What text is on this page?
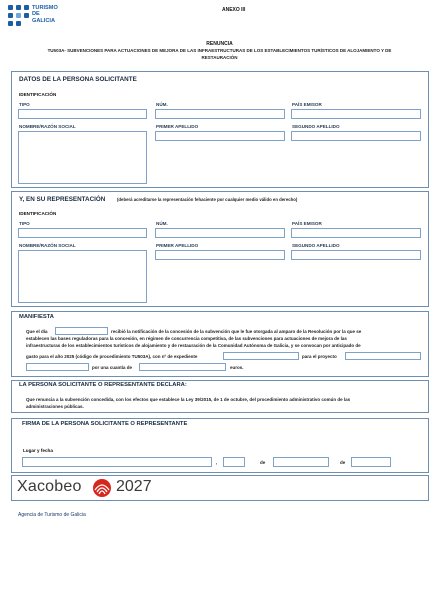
TURISMO
DE
GALICIA
ANEXO III
RENUNCIA
TU503A- SUBVENCIONES PARA ACTUACIONES DE MEJORA DE LAS INFRAESTRUCTURAS DE LOS ESTABLECIMIENTOS TURÍSTICOS DE ALOJAMIENTO Y DE
RESTAURACIÓN
DATOS DE LA PERSONA SOLICITANTE
IDENTIFICACIÓN
TIPO	NÚM.	PAÍS EMISOR
NOMBRE/RAZÓN SOCIAL	PRIMER APELLIDO	SEGUNDO APELLIDO
Y, EN SU REPRESENTACIÓN	(deberá acreditarse la representación fehaciente por cualquier medio válido en derecho)
IDENTIFICACIÓN
TIPO	NÚM.	PAÍS EMISOR
NOMBRE/RAZÓN SOCIAL	PRIMER APELLIDO	SEGUNDO APELLIDO
MANIFIESTA
Que el día	recibió la notificación de la concesión de la subvención que le fue otorgada al amparo de la Resolución por la que se
establecen las bases reguladoras para la concesión, en régimen de concurrencia competitiva, de las subvenciones para actuaciones de mejora de las
infraestructuras de los establecimientos turísticos de alojamiento y de restauración de la Comunidad Autónoma de Galicia, y se convocan por anticipado de
gasto para el año 2025 (código de procedimiento TU503A), con nº de expediente	para el proyecto
por una cuantía de	euros.
LA PERSONA SOLICITANTE O REPRESENTANTE DECLARA:
Que renuncia a la subvención concedida, con los efectos que establece la Ley 39/2015, de 1 de octubre, del procedimiento administrativo común de las
administraciones públicas.
FIRMA DE LA PERSONA SOLICITANTE O REPRESENTANTE
Lugar y fecha
,	de	de
Xacobeo 2027
Agencia de Turismo de Galicia
